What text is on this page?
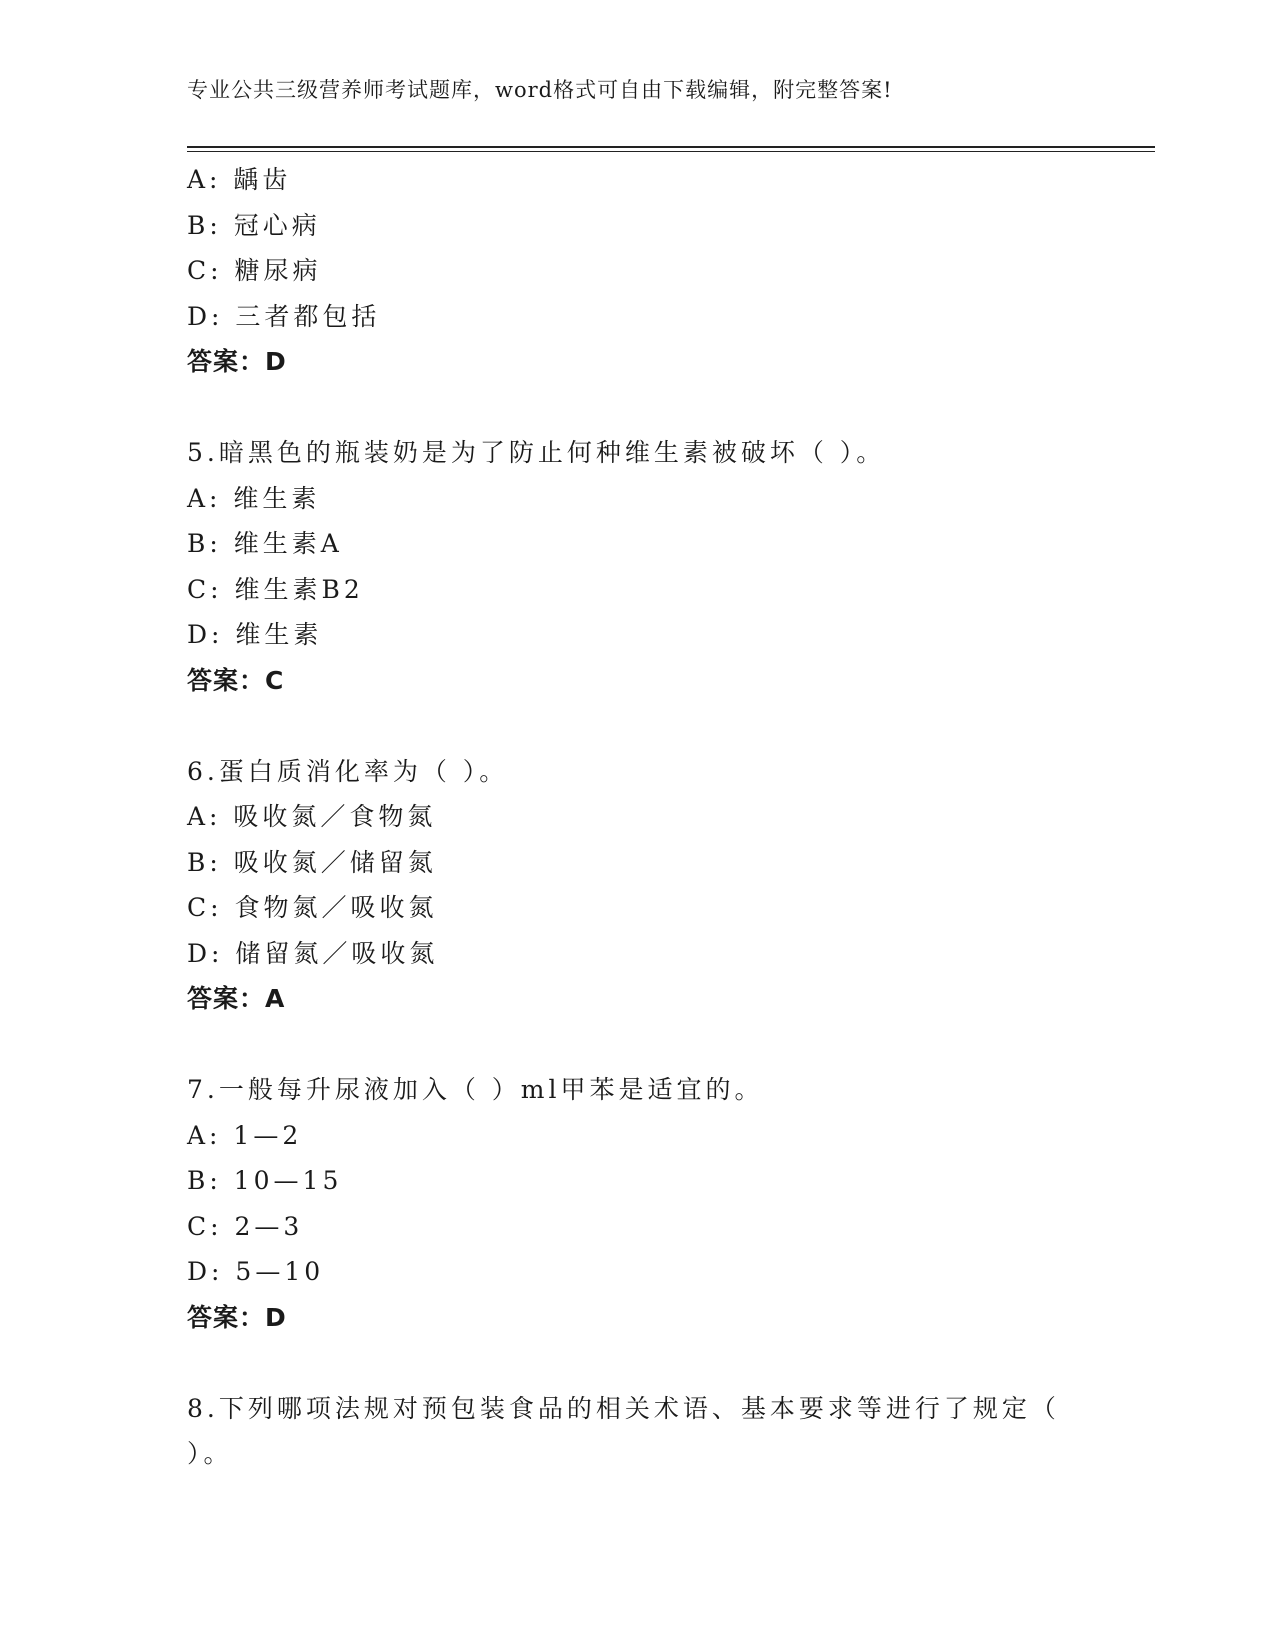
专业公共三级营养师考试题库，word格式可自由下载编辑，附完整答案!
A: 龋齿
B: 冠心病
C: 糖尿病
D: 三者都包括
答案：D
5.暗黑色的瓶装奶是为了防止何种维生素被破坏（ ）。
A: 维生素
B: 维生素A
C: 维生素B2
D: 维生素
答案：C
6.蛋白质消化率为（ ）。
A: 吸收氮／食物氮
B: 吸收氮／储留氮
C: 食物氮／吸收氮
D: 储留氮／吸收氮
答案：A
7.一般每升尿液加入（ ）ml甲苯是适宜的。
A: 1—2
B: 10—15
C: 2—3
D: 5—10
答案：D
8.下列哪项法规对预包装食品的相关术语、基本要求等进行了规定（ ）。
